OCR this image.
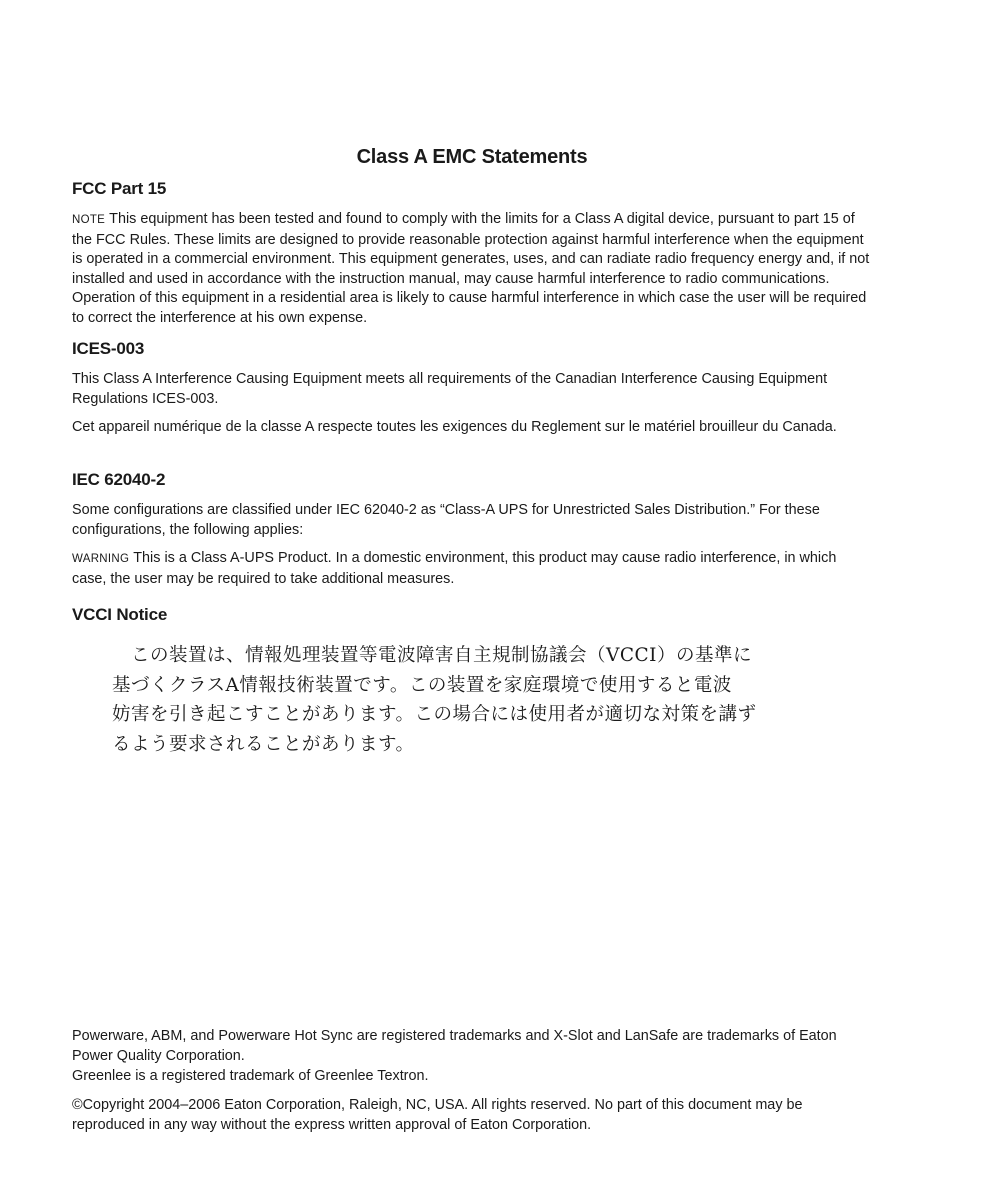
Class A EMC Statements
FCC Part 15

NOTE This equipment has been tested and found to comply with the limits for a Class A digital device, pursuant to part 15 of the FCC Rules. These limits are designed to provide reasonable protection against harmful interference when the equipment is operated in a commercial environment. This equipment generates, uses, and can radiate radio frequency energy and, if not installed and used in accordance with the instruction manual, may cause harmful interference to radio communications. Operation of this equipment in a residential area is likely to cause harmful interference in which case the user will be required to correct the interference at his own expense.

ICES-003

This Class A Interference Causing Equipment meets all requirements of the Canadian Interference Causing Equipment Regulations ICES-003.

Cet appareil numérique de la classe A respecte toutes les exigences du Reglement sur le matériel brouilleur du Canada.

IEC 62040-2

Some configurations are classified under IEC 62040-2 as “Class-A UPS for Unrestricted Sales Distribution.” For these configurations, the following applies:

WARNING This is a Class A-UPS Product. In a domestic environment, this product may cause radio interference, in which case, the user may be required to take additional measures.

VCCI Notice

　この装置は、情報処理装置等電波障害自主規制協議会（VCCI）の基準に
基づくクラスA情報技術装置です。この装置を家庭環境で使用すると電波
妨害を引き起こすことがあります。この場合には使用者が適切な対策を講ず
るよう要求されることがあります。

Powerware, ABM, and Powerware Hot Sync are registered trademarks and X-Slot and LanSafe are trademarks of Eaton Power Quality Corporation.

Greenlee is a registered trademark of Greenlee Textron.

©Copyright 2004–2006 Eaton Corporation, Raleigh, NC, USA. All rights reserved. No part of this document may be reproduced in any way without the express written approval of Eaton Corporation.
